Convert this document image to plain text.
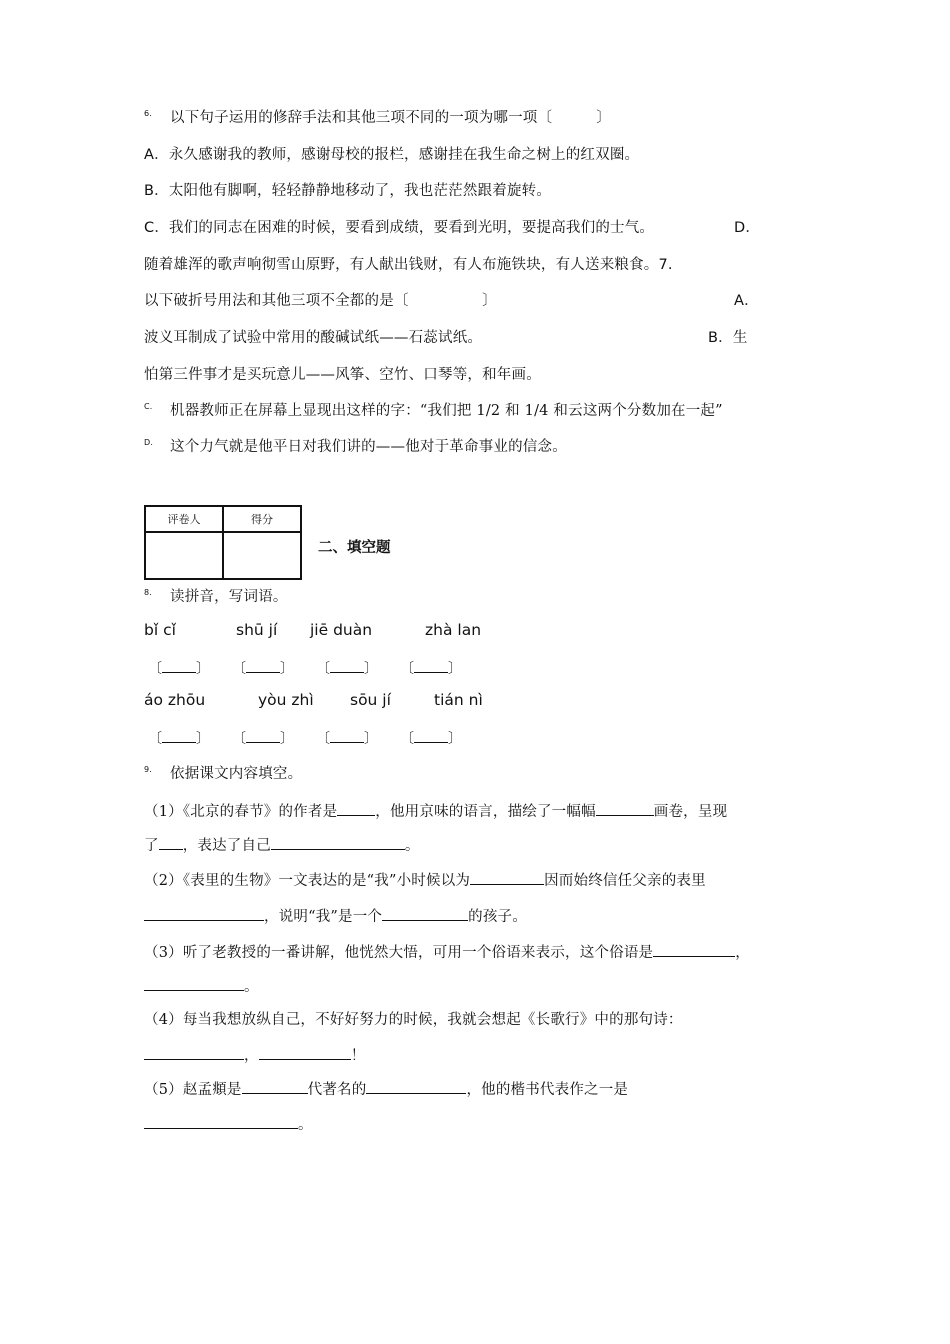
6. 以下句子运用的修辞手法和其他三项不同的一项为哪一项〔　　　〕
A．永久感谢我的教师，感谢母校的报栏，感谢挂在我生命之树上的红双圈。
B．太阳他有脚啊，轻轻静静地移动了，我也茫茫然跟着旋转。
C．我们的同志在困难的时候，要看到成绩，要看到光明，要提高我们的士气。	D．
随着雄浑的歌声响彻雪山原野，有人献出钱财，有人布施铁块，有人送来粮食。7.
以下破折号用法和其他三项不全都的是〔　　　　　〕	A．
波义耳制成了试验中常用的酸碱试纸——石蕊试纸。	B．生
怕第三件事才是买玩意儿——风筝、空竹、口琴等，和年画。
C. 机器教师正在屏幕上显现出这样的字：“我们把 1/2 和 1/4 和云这两个分数加在一起”
D. 这个力气就是他平日对我们讲的——他对于革命事业的信念。
评卷人	得分

二、填空题
8. 读拼音，写词语。
bǐ cǐ	shū jí jiē duàn	zhà lan
〔 〕 〔 〕 〔 〕 〔 〕
áo zhōu	yòu zhì sōu jí	tián nì
〔 〕 〔 〕 〔 〕 〔 〕
9. 依据课文内容填空。
（1）《北京的春节》的作者是	，他用京味的语言，描绘了一幅幅	画卷，呈现
了 ，表达了自己	。
（2）《表里的生物》一文表达的是“我”小时候以为	因而始终信任父亲的表里
，说明“我”是一个	的孩子。
（3）听了老教授的一番讲解，他恍然大悟，可用一个俗语来表示，这个俗语是	，
。
（4）每当我想放纵自己，不好好努力的时候，我就会想起《长歌行》中的那句诗：
，	！
（5）赵孟頫是	代著名的	，他的楷书代表作之一是
。
